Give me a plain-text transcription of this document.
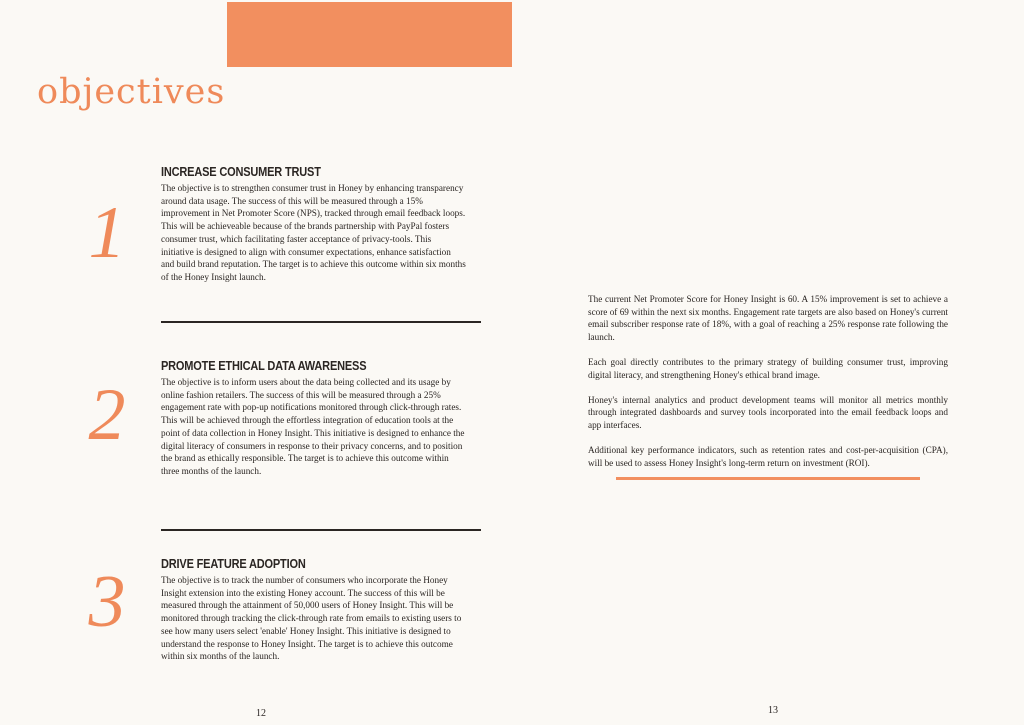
objectives
1
INCREASE CONSUMER TRUST

The objective is to strengthen consumer trust in Honey by enhancing transparency around data usage. The success of this will be measured through a 15% improvement in Net Promoter Score (NPS), tracked through email feedback loops. This will be achieveable because of the brands partnership with PayPal fosters consumer trust, which facilitating faster acceptance of privacy-tools. This initiative is designed to align with consumer expectations, enhance satisfaction and build brand reputation. The target is to achieve this outcome within six months of the Honey Insight launch.

2
PROMOTE ETHICAL DATA AWARENESS

The objective is to inform users about the data being collected and its usage by online fashion retailers. The success of this will be measured through a 25% engagement rate with pop-up notifications monitored through click-through rates. This will be achieved through the effortless integration of education tools at the point of data collection in Honey Insight. This initiative is designed to enhance the digital literacy of consumers in response to their privacy concerns, and to position the brand as ethically responsible. The target is to achieve this outcome within three months of the launch.

3	DRIVE FEATURE ADOPTION

The objective is to track the number of consumers who incorporate the Honey Insight extension into the existing Honey account. The success of this will be measured through the attainment of 50,000 users of Honey Insight. This will be monitored through tracking the click-through rate from emails to existing users to see how many users select 'enable' Honey Insight. This initiative is designed to understand the response to Honey Insight. The target is to achieve this outcome within six months of the launch.

12

The current Net Promoter Score for Honey Insight is 60. A 15% improvement is set to achieve a score of 69 within the next six months. Engagement rate targets are also based on Honey's current email subscriber response rate of 18%, with a goal of reaching a 25% response rate following the launch.

Each goal directly contributes to the primary strategy of building consumer trust, improving digital literacy, and strengthening Honey's ethical brand image.

Honey's internal analytics and product development teams will monitor all metrics monthly through integrated dashboards and survey tools incorporated into the email feedback loops and app interfaces.

Additional key performance indicators, such as retention rates and cost-per-acquisition (CPA), will be used to assess Honey Insight's long-term return on investment (ROI).

13
